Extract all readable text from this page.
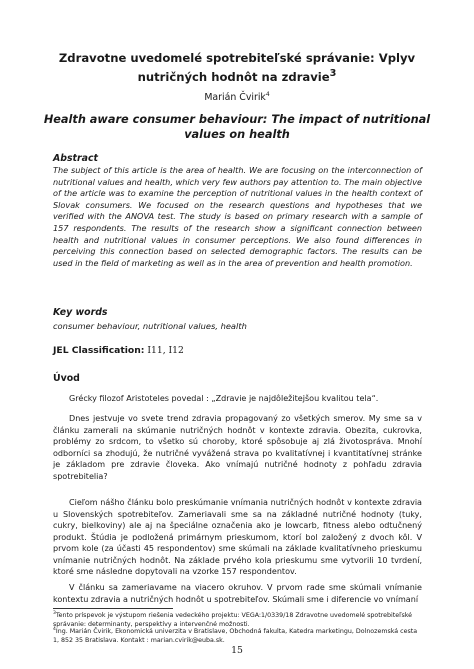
Zdravotne uvedomelé spotrebiteľské správanie: Vplyv nutričných hodnôt na zdravie$^3$
Marián Čvirik$^4$
Health aware consumer behaviour: The impact of nutritional values on health
Abstract
The subject of this article is the area of health. We are focusing on the interconnection of nutritional values and health, which very few authors pay attention to. The main objective of the article was to examine the perception of nutritional values in the health context of Slovak consumers. We focused on the research questions and hypotheses that we verified with the ANOVA test. The study is based on primary research with a sample of 157 respondents. The results of the research show a significant connection between health and nutritional values in consumer perceptions. We also found differences in perceiving this connection based on selected demographic factors. The results can be used in the field of marketing as well as in the area of prevention and health promotion.
Key words
consumer behaviour, nutritional values, health
JEL Classification: I11, I12
Úvod
Grécky filozof Aristoteles povedal : „Zdravie je najdôležitejšou kvalitou tela“.
Dnes jestvuje vo svete trend zdravia propagovaný zo všetkých smerov. My sme sa v článku zamerali na skúmanie nutričných hodnôt v kontexte zdravia. Obezita, cukrovka, problémy zo srdcom, to všetko sú choroby, ktoré spôsobuje aj zlá životospráva. Mnohí odborníci sa zhodujú, že nutričné vyvážená strava po kvalitatívnej i kvantitatívnej stránke je základom pre zdravie človeka. Ako vnímajú nutričné hodnoty z pohľadu zdravia spotrebitelia?
Cieľom nášho článku bolo preskúmanie vnímania nutričných hodnôt v kontexte zdravia u Slovenských spotrebiteľov. Zameriavali sme sa na základné nutričné hodnoty (tuky, cukry, bielkoviny) ale aj na špeciálne označenia ako je lowcarb, fitness alebo odtučnený produkt. Štúdia je podložená primárnym prieskumom, ktorí bol založený z dvoch kôl. V prvom kole (za účasti 45 respondentov) sme skúmali na základe kvalitatívneho prieskumu vnímanie nutričných hodnôt. Na základe prvého kola prieskumu sme vytvorili 10 tvrdení, ktoré sme následne dopytovali na vzorke 157 respondentov.
V článku sa zameriavame na viacero okruhov. V prvom rade sme skúmali vnímanie kontextu zdravia a nutričných hodnôt u spotrebiteľov. Skúmali sme i diferencie vo vnímaní
$^3$Tento príspevok je výstupom riešenia vedeckého projektu: VEGA:1/0339/18 Zdravotne uvedomelé spotrebiteľské správanie: determinanty, perspektívy a intervenčné možnosti.
$^4$Ing. Marián Čvirik, Ekonomická univerzita v Bratislave, Obchodná fakulta, Katedra marketingu, Dolnozemská cesta 1, 852 35 Bratislava. Kontakt : marian.cvirik@euba.sk.
15
